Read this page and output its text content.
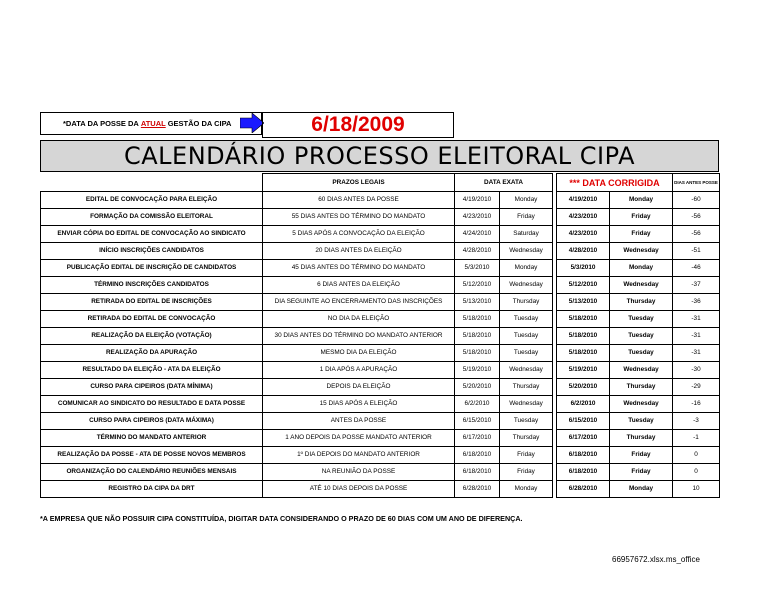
*DATA DA POSSE DA ATUAL GESTÃO DA CIPA	6/18/2009
CALENDÁRIO PROCESSO ELEITORAL CIPA
	PRAZOS LEGAIS	DATA EXATA			*** DATA CORRIGIDA		DIAS ANTES POSSE
EDITAL DE CONVOCAÇÃO PARA ELEIÇÃO	60 DIAS ANTES DA POSSE	4/19/2010	Monday		4/19/2010	Monday	-60
FORMAÇÃO DA COMISSÃO ELEITORAL	55 DIAS ANTES DO TÉRMINO DO MANDATO	4/23/2010	Friday		4/23/2010	Friday	-56
ENVIAR CÓPIA DO EDITAL DE CONVOCAÇÃO AO SINDICATO	5 DIAS APÓS A CONVOCAÇÃO DA ELEIÇÃO	4/24/2010	Saturday		4/23/2010	Friday	-56
INÍCIO INSCRIÇÕES CANDIDATOS	20 DIAS ANTES DA ELEIÇÃO	4/28/2010	Wednesday		4/28/2010	Wednesday	-51
PUBLICAÇÃO EDITAL DE INSCRIÇÃO DE CANDIDATOS	45 DIAS ANTES DO TÉRMINO DO MANDATO	5/3/2010	Monday		5/3/2010	Monday	-46
TÉRMINO INSCRIÇÕES CANDIDATOS	6 DIAS ANTES DA ELEIÇÃO	5/12/2010	Wednesday		5/12/2010	Wednesday	-37
RETIRADA DO EDITAL DE INSCRIÇÕES	DIA SEGUINTE AO ENCERRAMENTO DAS INSCRIÇÕES	5/13/2010	Thursday		5/13/2010	Thursday	-36
RETIRADA DO EDITAL DE CONVOCAÇÃO	NO DIA DA ELEIÇÃO	5/18/2010	Tuesday		5/18/2010	Tuesday	-31
REALIZAÇÃO DA ELEIÇÃO (VOTAÇÃO)	30 DIAS ANTES DO TÉRMINO DO MANDATO ANTERIOR	5/18/2010	Tuesday		5/18/2010	Tuesday	-31
REALIZAÇÃO DA APURAÇÃO	MESMO DIA DA ELEIÇÃO	5/18/2010	Tuesday		5/18/2010	Tuesday	-31
RESULTADO DA ELEIÇÃO - ATA DA ELEIÇÃO	1 DIA APÓS A APURAÇÃO	5/19/2010	Wednesday		5/19/2010	Wednesday	-30
CURSO PARA CIPEIROS (DATA MÍNIMA)	DEPOIS DA ELEIÇÃO	5/20/2010	Thursday		5/20/2010	Thursday	-29
COMUNICAR AO SINDICATO DO RESULTADO E DATA POSSE	15 DIAS APÓS A ELEIÇÃO	6/2/2010	Wednesday		6/2/2010	Wednesday	-16
CURSO PARA CIPEIROS (DATA MÁXIMA)	ANTES DA POSSE	6/15/2010	Tuesday		6/15/2010	Tuesday	-3
TÉRMINO DO MANDATO ANTERIOR	1 ANO DEPOIS DA POSSE MANDATO ANTERIOR	6/17/2010	Thursday		6/17/2010	Thursday	-1
REALIZAÇÃO DA POSSE - ATA DE POSSE NOVOS MEMBROS	1º DIA DEPOIS DO MANDATO ANTERIOR	6/18/2010	Friday		6/18/2010	Friday	0
ORGANIZAÇÃO DO CALENDÁRIO REUNIÕES MENSAIS	NA REUNIÃO DA POSSE	6/18/2010	Friday		6/18/2010	Friday	0
REGISTRO DA CIPA DA DRT	ATÉ 10 DIAS DEPOIS DA POSSE	6/28/2010	Monday		6/28/2010	Monday	10
*A EMPRESA QUE NÃO POSSUIR CIPA CONSTITUÍDA, DIGITAR DATA CONSIDERANDO O PRAZO DE 60 DIAS COM UM ANO DE DIFERENÇA.
66957672.xlsx.ms_office
